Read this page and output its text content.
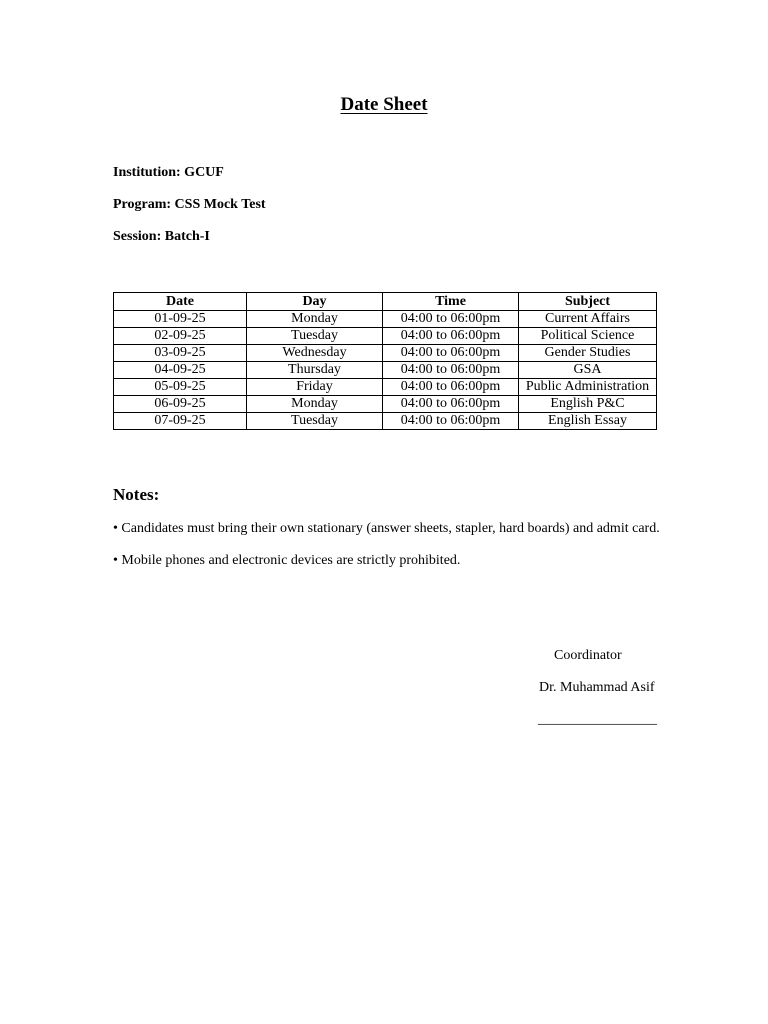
Date Sheet
Institution: GCUF
Program: CSS Mock Test
Session: Batch-I
Date	Day	Time	Subject
01-09-25	Monday	04:00 to 06:00pm	Current Affairs
02-09-25	Tuesday	04:00 to 06:00pm	Political Science
03-09-25	Wednesday	04:00 to 06:00pm	Gender Studies
04-09-25	Thursday	04:00 to 06:00pm	GSA
05-09-25	Friday	04:00 to 06:00pm	Public Administration
06-09-25	Monday	04:00 to 06:00pm	English P&C
07-09-25	Tuesday	04:00 to 06:00pm	English Essay
Notes:
• Candidates must bring their own stationary (answer sheets, stapler, hard boards) and admit card.
• Mobile phones and electronic devices are strictly prohibited.
Coordinator
Dr. Muhammad Asif
_________________
